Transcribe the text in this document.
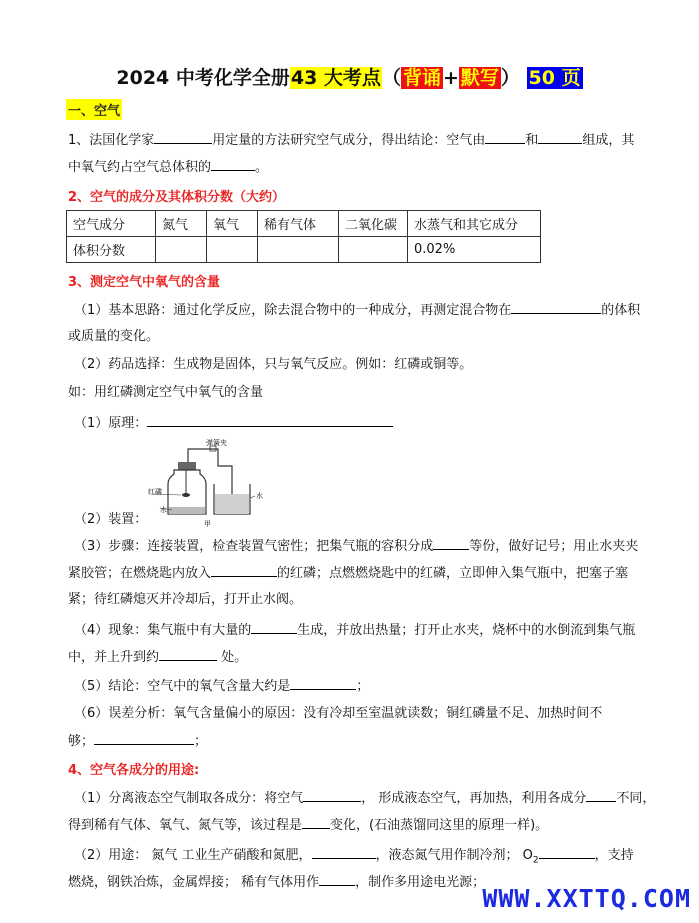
2024 中考化学全册43 大考点（ 背诵 + 默写 ） 50 页
一、空气
1、法国化学家	用定量的方法研究空气成分，得出结论：空气由	和	组成，其
中氧气约占空气总体积的	。
2、空气的成分及其体积分数（大约）
空气成分	氮气	氧气	稀有气体	二氧化碳	水蒸气和其它成分
体积分数					0.02%
3、测定空气中氧气的含量
（1）基本思路：通过化学反应，除去混合物中的一种成分，再测定混合物在	的体积
或质量的变化。
（2）药品选择：生成物是固体，只与氧气反应。例如：红磷或铜等。
如：用红磷测定空气中氧气的含量
（1）原理：
弹簧夹
红磷
水
水
甲
（2）装置：
（3）步骤：连接装置，检查装置气密性；把集气瓶的容积分成	等份，做好记号；用止水夹夹
紧胶管；在燃烧匙内放入	的红磷；点燃燃烧匙中的红磷，立即伸入集气瓶中，把塞子塞
紧；待红磷熄灭并冷却后，打开止水阀。
（4）现象：集气瓶中有大量的	生成，并放出热量；打开止水夹，烧杯中的水倒流到集气瓶
中，并上升到约	处。
（5）结论：空气中的氧气含量大约是	；
（6）误差分析：氧气含量偏小的原因：没有冷却至室温就读数；铜红磷量不足、加热时间不
够；	；
4、空气各成分的用途:
（1）分离液态空气制取各成分：将空气	， 形成液态空气，再加热，利用各成分 不同，
得到稀有气体、氧气、氮气等，该过程是 变化，(石油蒸馏同这里的原理一样)。
（2）用途： 氮气 工业生产硝酸和氮肥，	，液态氮气用作制冷剂； $O_2$	，支持
燃烧，钢铁冶炼，金属焊接； 稀有气体用作	，制作多用途电光源；
WWW.XXTTQ.COM
